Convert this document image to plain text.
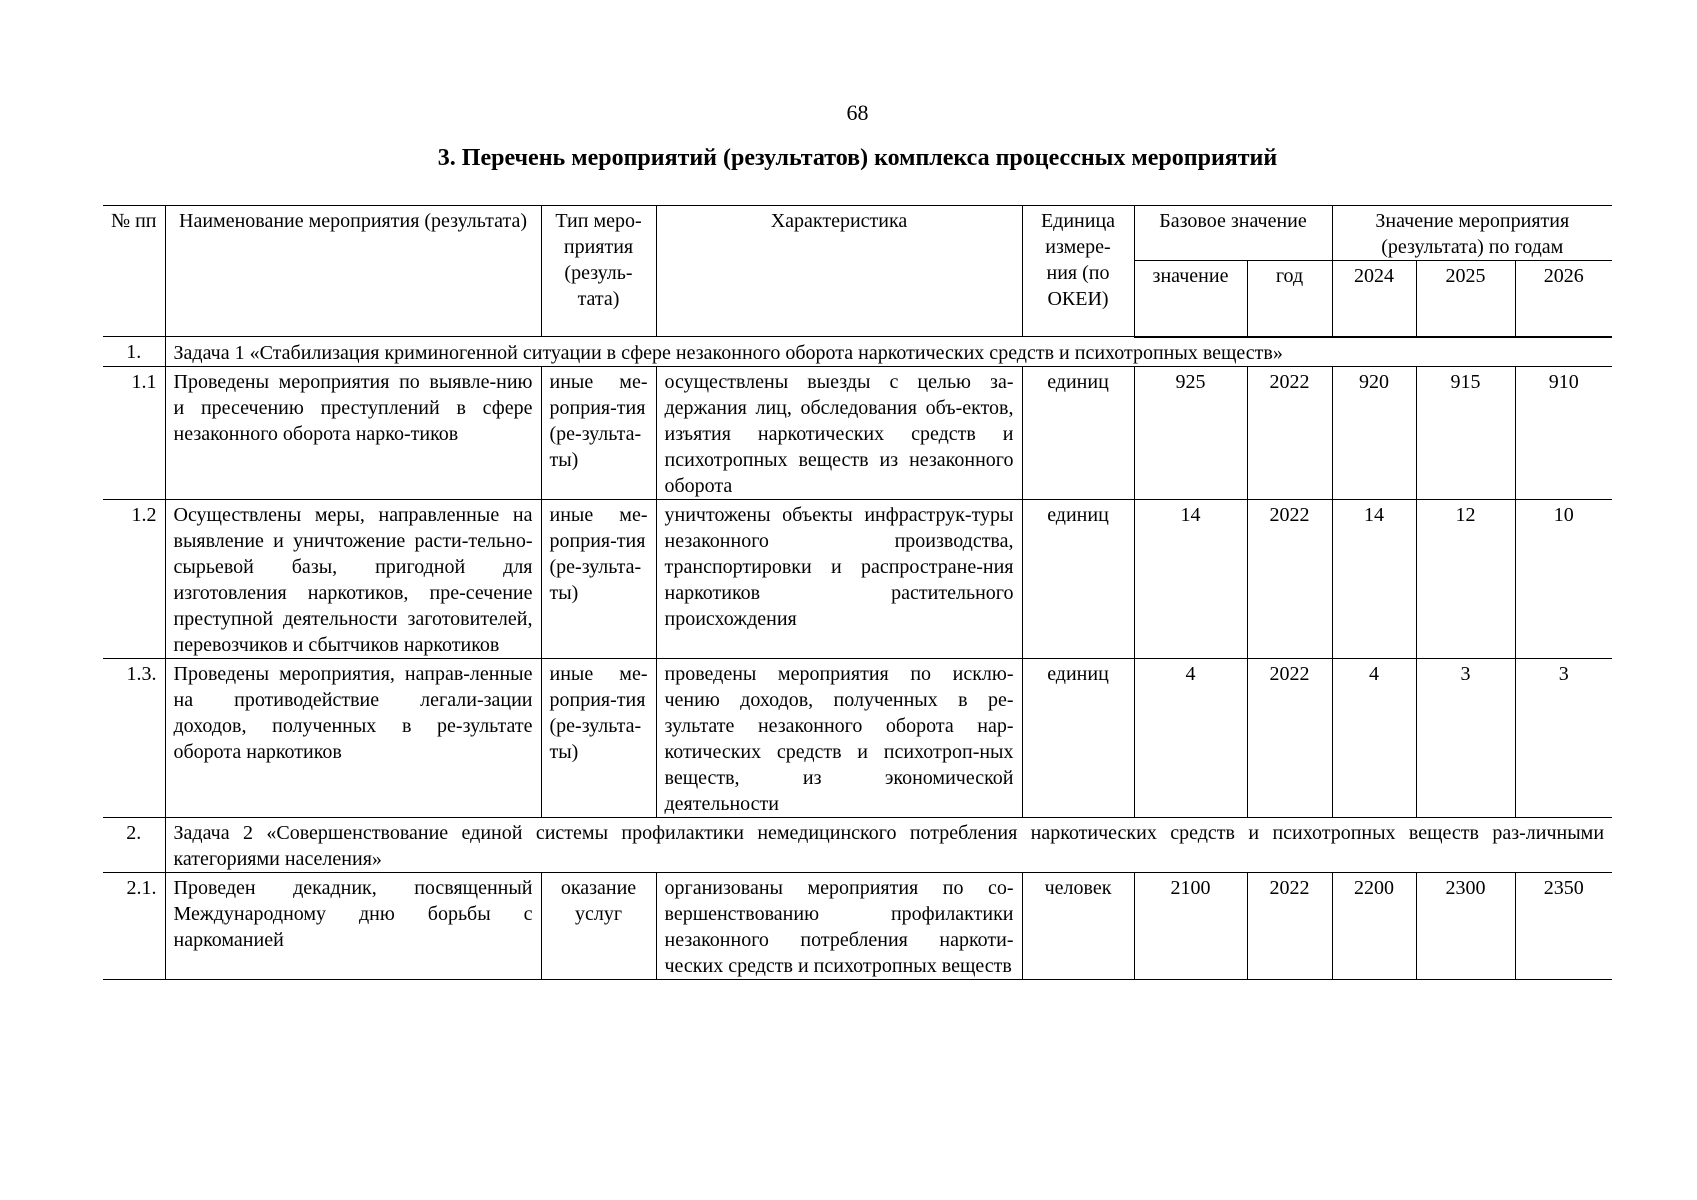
68
3. Перечень мероприятий (результатов) комплекса процессных мероприятий
№ пп	Наименование мероприятия (результата)	Тип меро-приятия (резуль-тата)	Характеристика	Единица измере-ния (по ОКЕИ)	Базовое значение		Значение мероприятия (результата) по годам		
					значение	год	2024	2025	2026
1.	Задача 1 «Стабилизация криминогенной ситуации в сфере незаконного оборота наркотических средств и психотропных веществ»								
1.1	Проведены мероприятия по выявле-нию и пресечению преступлений в сфере незаконного оборота нарко-тиков	иные ме-роприя-тия (ре-зульта-ты)	осуществлены выезды с целью за-держания лиц, обследования объ-ектов, изъятия наркотических средств и психотропных веществ из незаконного оборота	единиц	925	2022	920	915	910
1.2	Осуществлены меры, направленные на выявление и уничтожение расти-тельно-сырьевой базы, пригодной для изготовления наркотиков, пре-сечение преступной деятельности заготовителей, перевозчиков и сбытчиков наркотиков	иные ме-роприя-тия (ре-зульта-ты)	уничтожены объекты инфраструк-туры незаконного производства, транспортировки и распростране-ния наркотиков растительного происхождения	единиц	14	2022	14	12	10
1.3.	Проведены мероприятия, направ-ленные на противодействие легали-зации доходов, полученных в ре-зультате оборота наркотиков	иные ме-роприя-тия (ре-зульта-ты)	проведены мероприятия по исклю-чению доходов, полученных в ре-зультате незаконного оборота нар-котических средств и психотроп-ных веществ, из экономической деятельности	единиц	4	2022	4	3	3
2.	Задача 2 «Совершенствование единой системы профилактики немедицинского потребления наркотических средств и психотропных веществ раз-личными категориями населения»								
2.1.	Проведен декадник, посвященный Международному дню борьбы с наркоманией	оказание услуг	организованы мероприятия по со-вершенствованию профилактики незаконного потребления наркоти-ческих средств и психотропных веществ	человек	2100	2022	2200	2300	2350
